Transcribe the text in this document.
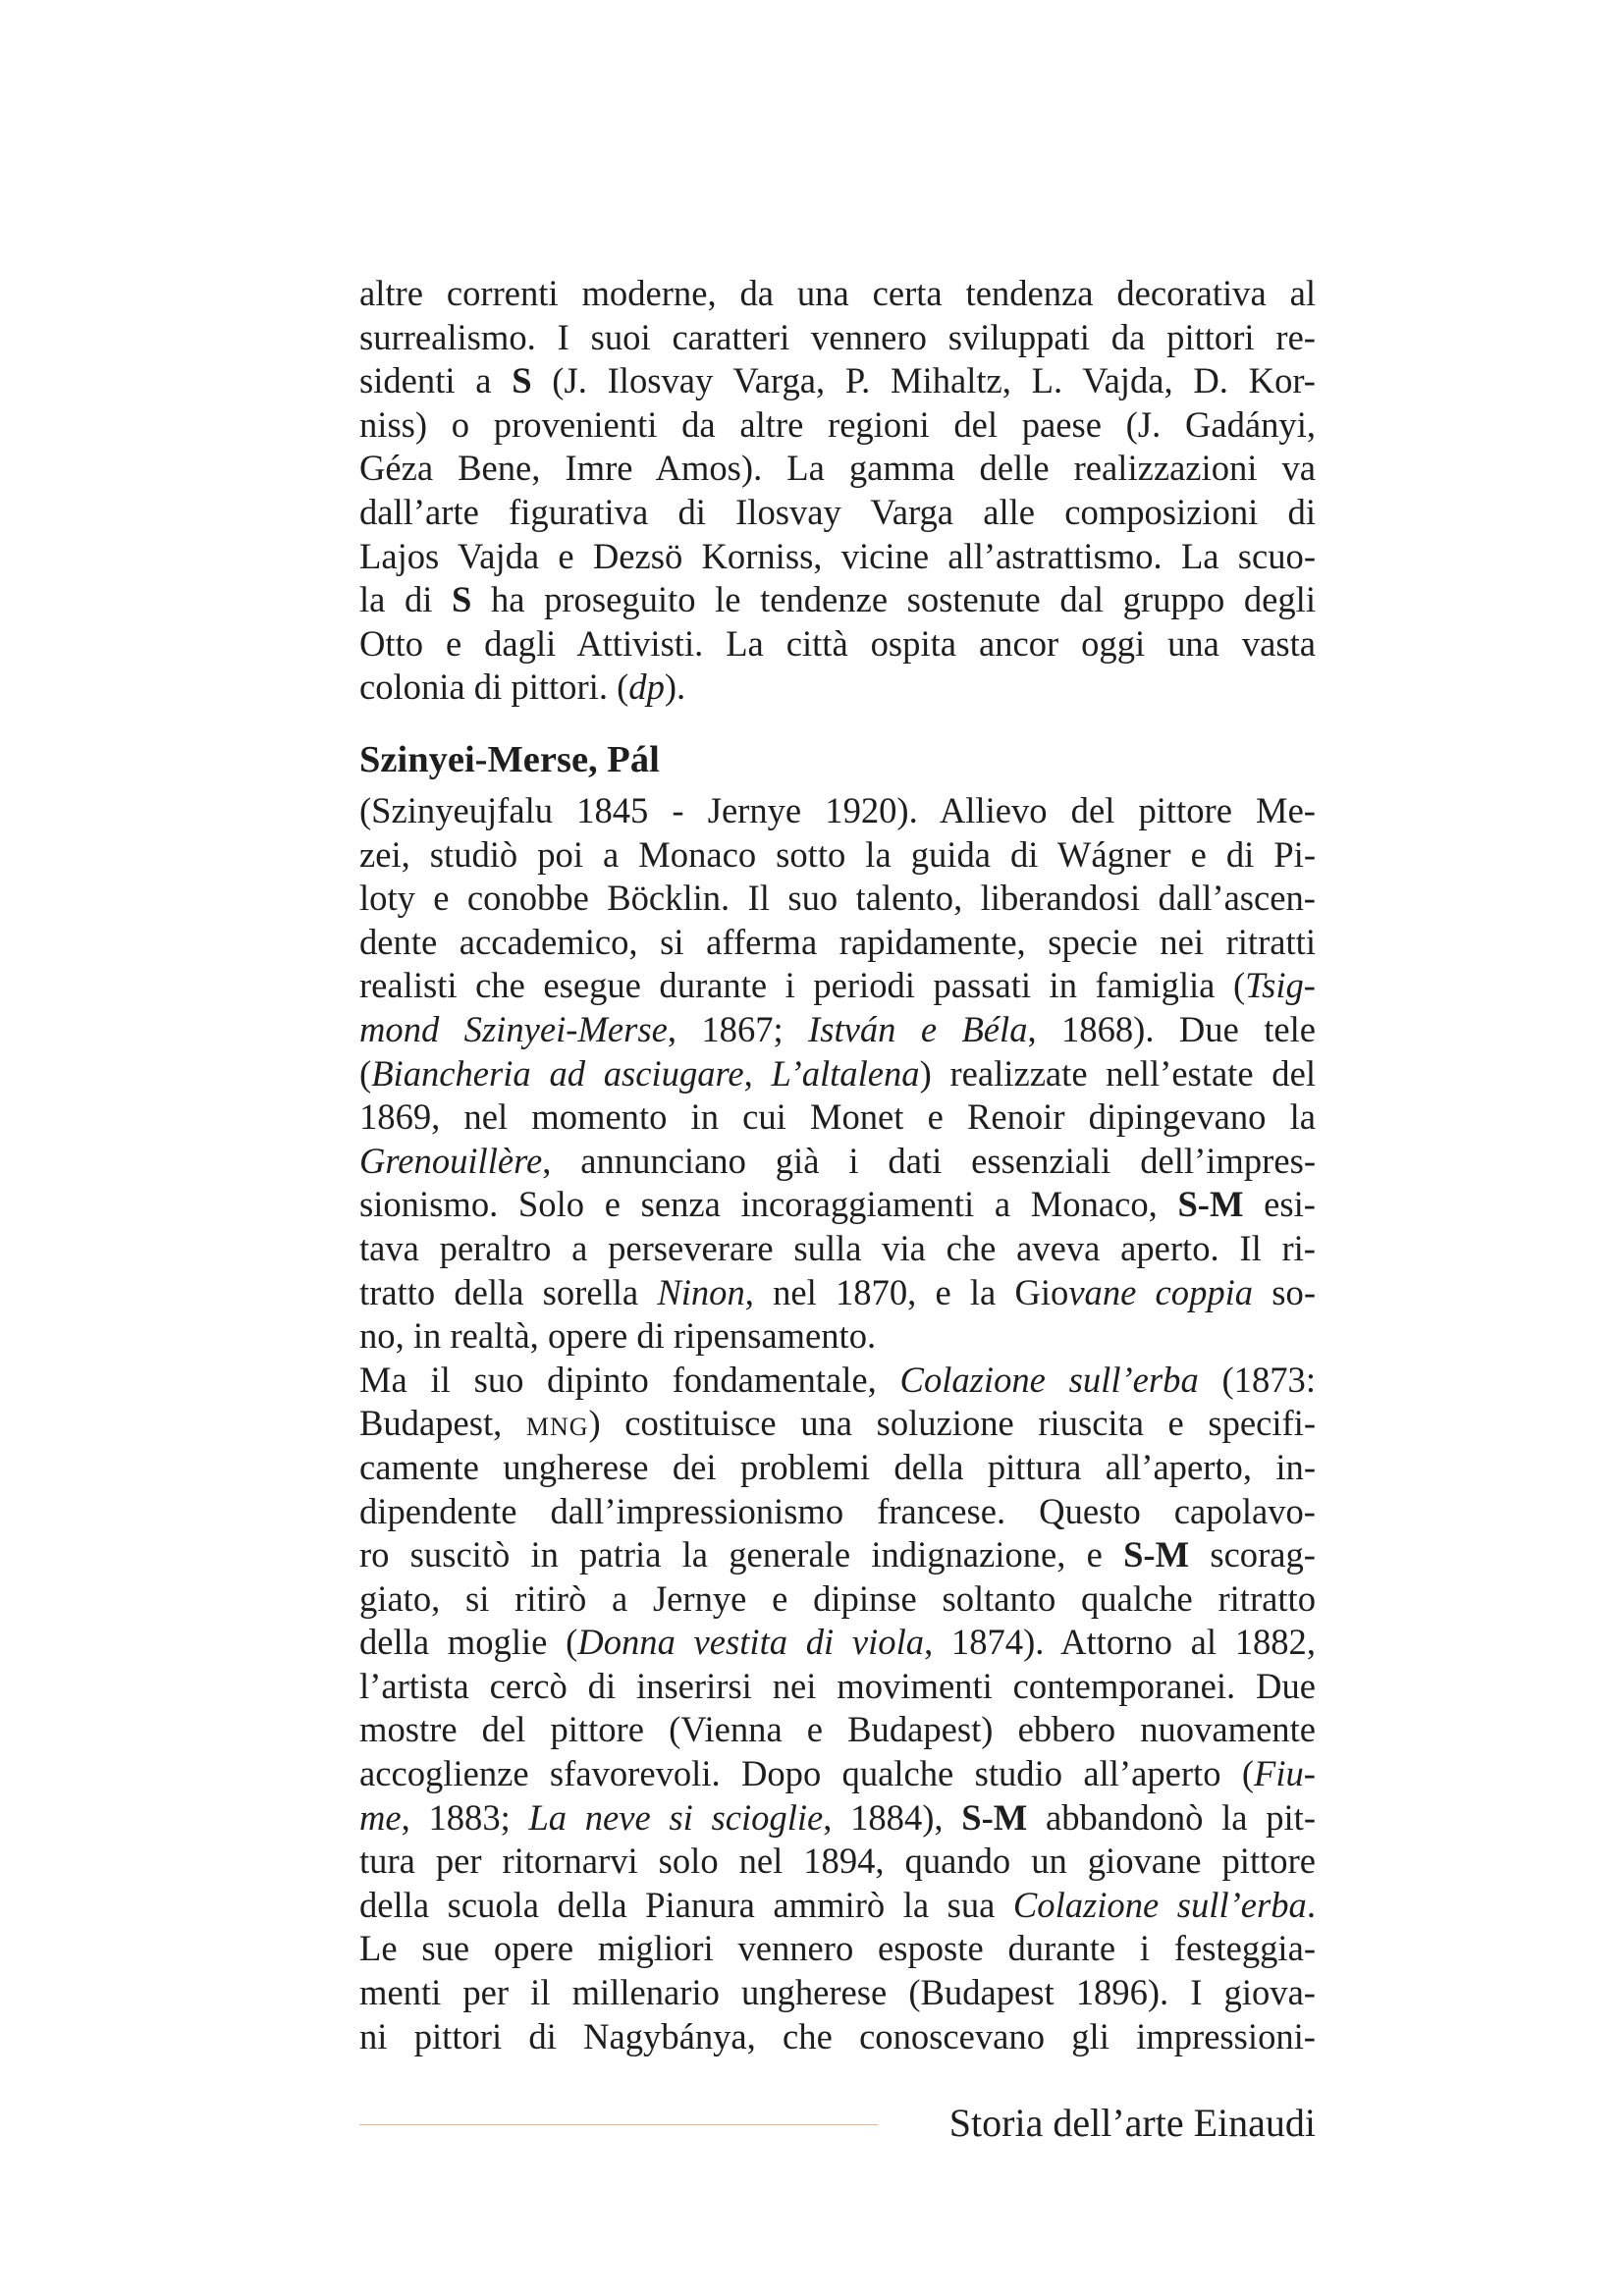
altre correnti moderne, da una certa tendenza decorativa al
surrealismo. I suoi caratteri vennero sviluppati da pittori re-
sidenti a S (J. Ilosvay Varga, P. Mihaltz, L. Vajda, D. Kor-
niss) o provenienti da altre regioni del paese (J. Gadányi,
Géza Bene, Imre Amos). La gamma delle realizzazioni va
dall’arte figurativa di Ilosvay Varga alle composizioni di
Lajos Vajda e Dezsö Korniss, vicine all’astrattismo. La scuo-
la di S ha proseguito le tendenze sostenute dal gruppo degli
Otto e dagli Attivisti. La città ospita ancor oggi una vasta
colonia di pittori. (dp).

Szinyei-Merse, Pál

(Szinyeujfalu 1845 - Jernye 1920). Allievo del pittore Me-
zei, studiò poi a Monaco sotto la guida di Wágner e di Pi-
loty e conobbe Böcklin. Il suo talento, liberandosi dall’ascen-
dente accademico, si afferma rapidamente, specie nei ritratti
realisti che esegue durante i periodi passati in famiglia (Tsig-
mond Szinyei-Merse, 1867; István e Béla, 1868). Due tele
(Biancheria ad asciugare, L’altalena) realizzate nell’estate del
1869, nel momento in cui Monet e Renoir dipingevano la
Grenouillère, annunciano già i dati essenziali dell’impres-
sionismo. Solo e senza incoraggiamenti a Monaco, S-M esi-
tava peraltro a perseverare sulla via che aveva aperto. Il ri-
tratto della sorella Ninon, nel 1870, e la Giovane coppia so-
no, in realtà, opere di ripensamento.

Ma il suo dipinto fondamentale, Colazione sull’erba (1873:
Budapest, MNG) costituisce una soluzione riuscita e specifi-
camente ungherese dei problemi della pittura all’aperto, in-
dipendente dall’impressionismo francese. Questo capolavo-
ro suscitò in patria la generale indignazione, e S-M scorag-
giato, si ritirò a Jernye e dipinse soltanto qualche ritratto
della moglie (Donna vestita di viola, 1874). Attorno al 1882,
l’artista cercò di inserirsi nei movimenti contemporanei. Due
mostre del pittore (Vienna e Budapest) ebbero nuovamente
accoglienze sfavorevoli. Dopo qualche studio all’aperto (Fiu-
me, 1883; La neve si scioglie, 1884), S-M abbandonò la pit-
tura per ritornarvi solo nel 1894, quando un giovane pittore
della scuola della Pianura ammirò la sua Colazione sull’erba.
Le sue opere migliori vennero esposte durante i festeggia-
menti per il millenario ungherese (Budapest 1896). I giova-
ni pittori di Nagybánya, che conoscevano gli impressioni-

Storia dell’arte Einaudi
